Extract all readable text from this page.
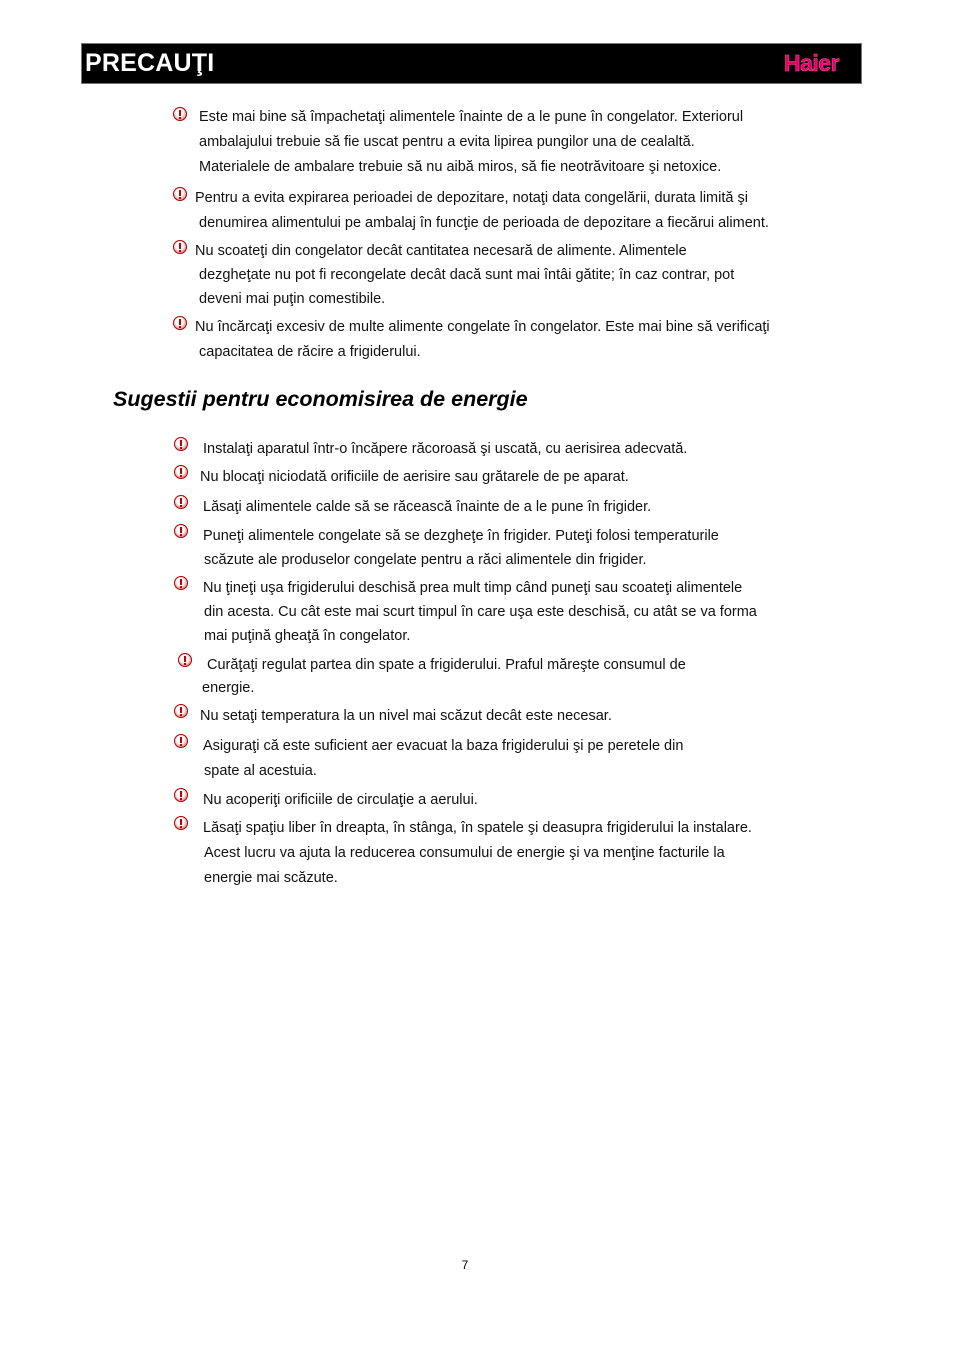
PRECAUŢI	Haier

Este mai bine să împachetaţi alimentele înainte de a le pune în congelator. Exteriorul

ambalajului trebuie să fie uscat pentru a evita lipirea pungilor una de cealaltă.

Materialele de ambalare trebuie să nu aibă miros, să fie neotrăvitoare şi netoxice.

Pentru a evita expirarea perioadei de depozitare, notaţi data congelării, durata limită şi

denumirea alimentului pe ambalaj în funcţie de perioada de depozitare a fiecărui aliment.

Nu scoateţi din congelator decât cantitatea necesară de alimente. Alimentele

dezgheţate nu pot fi recongelate decât dacă sunt mai întâi gătite; în caz contrar, pot

deveni mai puţin comestibile.

Nu încărcaţi excesiv de multe alimente congelate în congelator. Este mai bine să verificaţi

capacitatea de răcire a frigiderului.

Sugestii pentru economisirea de energie

Instalaţi aparatul într-o încăpere răcoroasă şi uscată, cu aerisirea adecvată.

Nu blocaţi niciodată orificiile de aerisire sau grătarele de pe aparat.

Lăsaţi alimentele calde să se răcească înainte de a le pune în frigider.

Puneţi alimentele congelate să se dezgheţe în frigider. Puteţi folosi temperaturile

scăzute ale produselor congelate pentru a răci alimentele din frigider.

Nu ţineţi uşa frigiderului deschisă prea mult timp când puneţi sau scoateţi alimentele

din acesta. Cu cât este mai scurt timpul în care uşa este deschisă, cu atât se va forma

mai puţină gheaţă în congelator.

Curăţaţi regulat partea din spate a frigiderului. Praful măreşte consumul de

energie.

Nu setaţi temperatura la un nivel mai scăzut decât este necesar.

Asiguraţi că este suficient aer evacuat la baza frigiderului şi pe peretele din

spate al acestuia.

Nu acoperiţi orificiile de circulaţie a aerului.

Lăsaţi spaţiu liber în dreapta, în stânga, în spatele şi deasupra frigiderului la instalare.

Acest lucru va ajuta la reducerea consumului de energie şi va menţine facturile la

energie mai scăzute.

7
